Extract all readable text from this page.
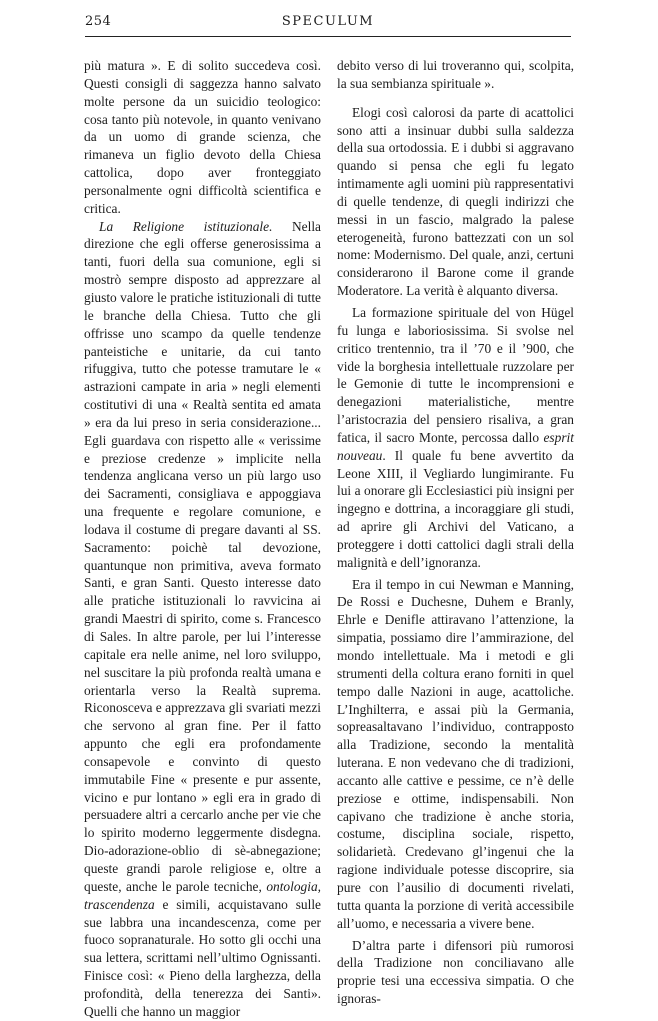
254	SPECULUM

più matura ». E di solito succedeva così. Questi consigli di saggezza hanno salvato molte persone da un suicidio teologico: cosa tanto più notevole, in quanto venivano da un uomo di grande scienza, che rimaneva un figlio devoto della Chiesa cattolica, dopo aver fronteggiato personalmente ogni difficoltà scientifica e critica.

La Religione istituzionale. Nella direzione che egli offerse generosissima a tanti, fuori della sua comunione, egli si mostrò sempre disposto ad apprezzare al giusto valore le pratiche istituzionali di tutte le branche della Chiesa. Tutto che gli offrisse uno scampo da quelle tendenze panteistiche e unitarie, da cui tanto rifuggiva, tutto che potesse tramutare le « astrazioni campate in aria » negli elementi costitutivi di una « Realtà sentita ed amata » era da lui preso in seria considerazione... Egli guardava con rispetto alle « verissime e preziose credenze » implicite nella tendenza anglicana verso un più largo uso dei Sacramenti, consigliava e appoggiava una frequente e regolare comunione, e lodava il costume di pregare davanti al SS. Sacramento: poichè tal devozione, quantunque non primitiva, aveva formato Santi, e gran Santi. Questo interesse dato alle pratiche istituzionali lo ravvicina ai grandi Maestri di spirito, come s. Francesco di Sales. In altre parole, per lui l’interesse capitale era nelle anime, nel loro sviluppo, nel suscitare la più profonda realtà umana e orientarla verso la Realtà suprema. Riconosceva e apprezzava gli svariati mezzi che servono al gran fine. Per il fatto appunto che egli era profondamente consapevole e convinto di questo immutabile Fine « presente e pur assente, vicino e pur lontano » egli era in grado di persuadere altri a cercarlo anche per vie che lo spirito moderno leggermente disdegna. Dio-adorazione-oblio di sè-abnegazione; queste grandi parole religiose e, oltre a queste, anche le parole tecniche, ontologia, trascendenza e simili, acquistavano sulle sue labbra una incandescenza, come per fuoco sopranaturale. Ho sotto gli occhi una sua lettera, scrittami nell’ultimo Ognissanti. Finisce così: « Pieno della larghezza, della profondità, della tenerezza dei Santi». Quelli che hanno un maggior

debito verso di lui troveranno qui, scolpita, la sua sembianza spirituale ».

Elogi così calorosi da parte di acattolici sono atti a insinuar dubbi sulla saldezza della sua ortodossia. E i dubbi si aggravano quando si pensa che egli fu legato intimamente agli uomini più rappresentativi di quelle tendenze, di quegli indirizzi che messi in un fascio, malgrado la palese eterogeneità, furono battezzati con un sol nome: Modernismo. Del quale, anzi, certuni considerarono il Barone come il grande Moderatore. La verità è alquanto diversa.

La formazione spirituale del von Hügel fu lunga e laboriosissima. Si svolse nel critico trentennio, tra il ’70 e il ’900, che vide la borghesia intellettuale ruzzolare per le Gemonie di tutte le incomprensioni e denegazioni materialistiche, mentre l’aristocrazia del pensiero risaliva, a gran fatica, il sacro Monte, percossa dallo esprit nouveau. Il quale fu bene avvertito da Leone XIII, il Vegliardo lungimirante. Fu lui a onorare gli Ecclesiastici più insigni per ingegno e dottrina, a incoraggiare gli studi, ad aprire gli Archivi del Vaticano, a proteggere i dotti cattolici dagli strali della malignità e dell’ignoranza.

Era il tempo in cui Newman e Manning, De Rossi e Duchesne, Duhem e Branly, Ehrle e Denifle attiravano l’attenzione, la simpatia, possiamo dire l’ammirazione, del mondo intellettuale. Ma i metodi e gli strumenti della coltura erano forniti in quel tempo dalle Nazioni in auge, acattoliche. L’Inghilterra, e assai più la Germania, sopreasaltavano l’individuo, contrapposto alla Tradizione, secondo la mentalità luterana. E non vedevano che di tradizioni, accanto alle cattive e pessime, ce n’è delle preziose e ottime, indispensabili. Non capivano che tradizione è anche storia, costume, disciplina sociale, rispetto, solidarietà. Credevano gl’ingenui che la ragione individuale potesse discoprire, sia pure con l’ausilio di documenti rivelati, tutta quanta la porzione di verità accessibile all’uomo, e necessaria a vivere bene.

D’altra parte i difensori più rumorosi della Tradizione non conciliavano alle proprie tesi una eccessiva simpatia. O che ignoras-
